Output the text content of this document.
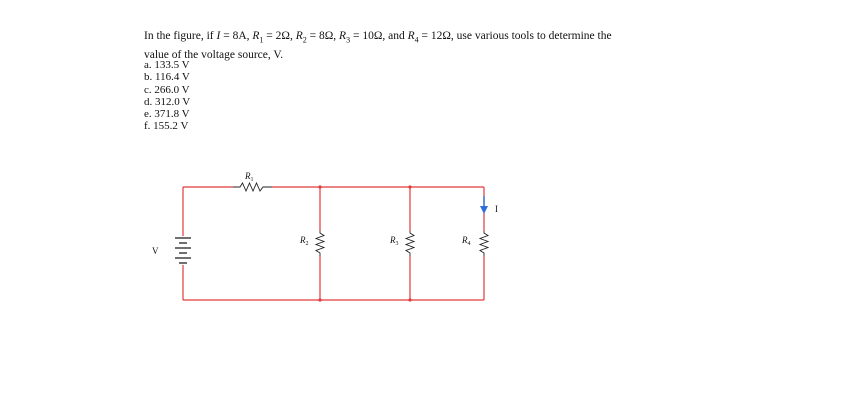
In the figure, if I = 8A, $R_1 = 2\Omega$, $R_2 = 8\Omega$, $R_3 = 10\Omega$, and $R_4 = 12\Omega$, use various tools to determine the
value of the voltage source, V.
a. 133.5 V
b. 116.4 V
c. 266.0 V
d. 312.0 V
e. 371.8 V
f. 155.2 V
V
I
$R_1$
$R_2$	$R_3$	$R_4$
